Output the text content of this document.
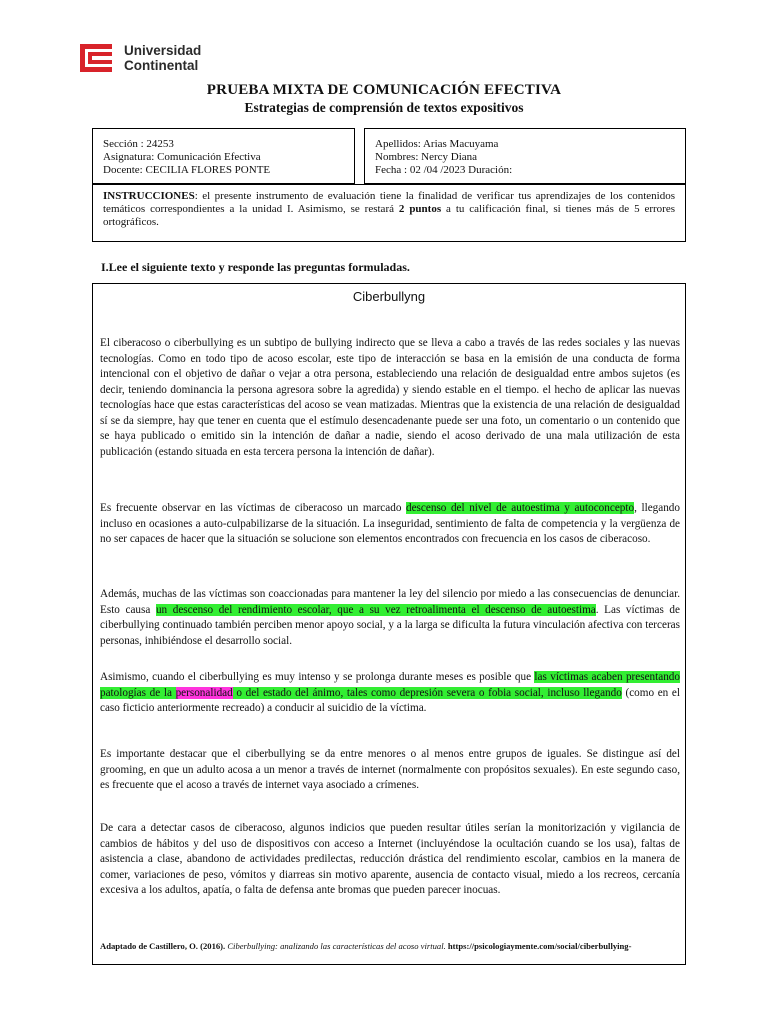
Universidad
Continental
PRUEBA MIXTA DE COMUNICACIÓN EFECTIVA
Estrategias de comprensión de textos expositivos
Sección : 24253
Asignatura: Comunicación Efectiva
Docente: CECILIA FLORES PONTE
Apellidos: Arias Macuyama
Nombres: Nercy Diana
Fecha : 02 /04 /2023 Duración:
INSTRUCCIONES: el presente instrumento de evaluación tiene la finalidad de verificar tus aprendizajes de los contenidos temáticos correspondientes a la unidad I. Asimismo, se restará 2 puntos a tu calificación final, si tienes más de 5 errores ortográficos.
I.Lee el siguiente texto y responde las preguntas formuladas.
Ciberbullyng

El ciberacoso o ciberbullying es un subtipo de bullying indirecto que se lleva a cabo a través de las redes sociales y las nuevas tecnologías. Como en todo tipo de acoso escolar, este tipo de interacción se basa en la emisión de una conducta de forma intencional con el objetivo de dañar o vejar a otra persona, estableciendo una relación de desigualdad entre ambos sujetos (es decir, teniendo dominancia la persona agresora sobre la agredida) y siendo estable en el tiempo. el hecho de aplicar las nuevas tecnologías hace que estas características del acoso se vean matizadas. Mientras que la existencia de una relación de desigualdad sí se da siempre, hay que tener en cuenta que el estímulo desencadenante puede ser una foto, un comentario o un contenido que se haya publicado o emitido sin la intención de dañar a nadie, siendo el acoso derivado de una mala utilización de esta publicación (estando situada en esta tercera persona la intención de dañar).

Es frecuente observar en las víctimas de ciberacoso un marcado descenso del nivel de autoestima y autoconcepto, llegando incluso en ocasiones a auto-culpabilizarse de la situación. La inseguridad, sentimiento de falta de competencia y la vergüenza de no ser capaces de hacer que la situación se solucione son elementos encontrados con frecuencia en los casos de ciberacoso.

Además, muchas de las víctimas son coaccionadas para mantener la ley del silencio por miedo a las consecuencias de denunciar. Esto causa un descenso del rendimiento escolar, que a su vez retroalimenta el descenso de autoestima. Las víctimas de ciberbullying continuado también perciben menor apoyo social, y a la larga se dificulta la futura vinculación afectiva con terceras personas, inhibiéndose el desarrollo social.

Asimismo, cuando el ciberbullying es muy intenso y se prolonga durante meses es posible que las víctimas acaben presentando patologías de la personalidad o del estado del ánimo, tales como depresión severa o fobia social, incluso llegando (como en el caso ficticio anteriormente recreado) a conducir al suicidio de la víctima.

Es importante destacar que el ciberbullying se da entre menores o al menos entre grupos de iguales. Se distingue así del grooming, en que un adulto acosa a un menor a través de internet (normalmente con propósitos sexuales). En este segundo caso, es frecuente que el acoso a través de internet vaya asociado a crímenes.

De cara a detectar casos de ciberacoso, algunos indicios que pueden resultar útiles serían la monitorización y vigilancia de cambios de hábitos y del uso de dispositivos con acceso a Internet (incluyéndose la ocultación cuando se los usa), faltas de asistencia a clase, abandono de actividades predilectas, reducción drástica del rendimiento escolar, cambios en la manera de comer, variaciones de peso, vómitos y diarreas sin motivo aparente, ausencia de contacto visual, miedo a los recreos, cercanía excesiva a los adultos, apatía, o falta de defensa ante bromas que pueden parecer inocuas.

Adaptado de Castillero, O. (2016). Ciberbullying: analizando las características del acoso virtual. https://psicologiaymente.com/social/ciberbullying-
